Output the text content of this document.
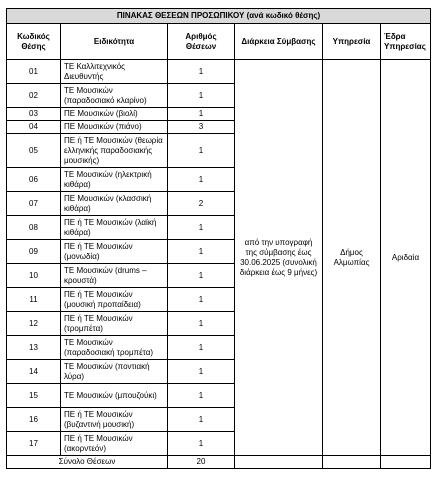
ΠΙΝΑΚΑΣ ΘΕΣΕΩΝ ΠΡΟΣΩΠΙΚΟΥ (ανά κωδικό θέσης)					
Κωδικός Θέσης	Ειδικότητα	Αριθμός Θέσεων	Διάρκεια Σύμβασης	Υπηρεσία	Έδρα Υπηρεσίας
01	ΤΕ Καλλιτεχνικός Διευθυντής	1	από την υπογραφή της σύμβασης έως 30.06.2025 (συνολική διάρκεια έως 9 μήνες)	Δήμος Αλμωπίας	Αριδαία
02	ΤΕ Μουσικών (παραδοσιακό κλαρίνο)	1			
03	ΠΕ Μουσικών (βιολί)	1			
04	ΠΕ Μουσικών (πιάνο)	3			
05	ΠΕ ή ΤΕ Μουσικών (θεωρία ελληνικής παραδοσιακής μουσικής)	1			
06	ΤΕ Μουσικών (ηλεκτρική κιθάρα)	1			
07	ΠΕ Μουσικών (κλασσική κιθάρα)	2			
08	ΠΕ ή ΤΕ Μουσικών (λαϊκή κιθάρα)	1			
09	ΠΕ ή ΤΕ Μουσικών (μονωδία)	1			
10	ΤΕ Μουσικών (drums – κρουστά)	1			
11	ΠΕ ή ΤΕ Μουσικών (μουσική προπαίδεια)	1			
12	ΠΕ ή ΤΕ Μουσικών (τρομπέτα)	1			
13	ΤΕ Μουσικών (παραδοσιακή τρομπέτα)	1			
14	ΤΕ Μουσικών (ποντιακή λύρα)	1			
15	ΤΕ Μουσικών (μπουζούκι)	1			
16	ΠΕ ή ΤΕ Μουσικών (βυζαντινή μουσική)	1			
17	ΠΕ ή ΤΕ Μουσικών (ακορντεόν)	1			
Σύνολο Θέσεων		20			
